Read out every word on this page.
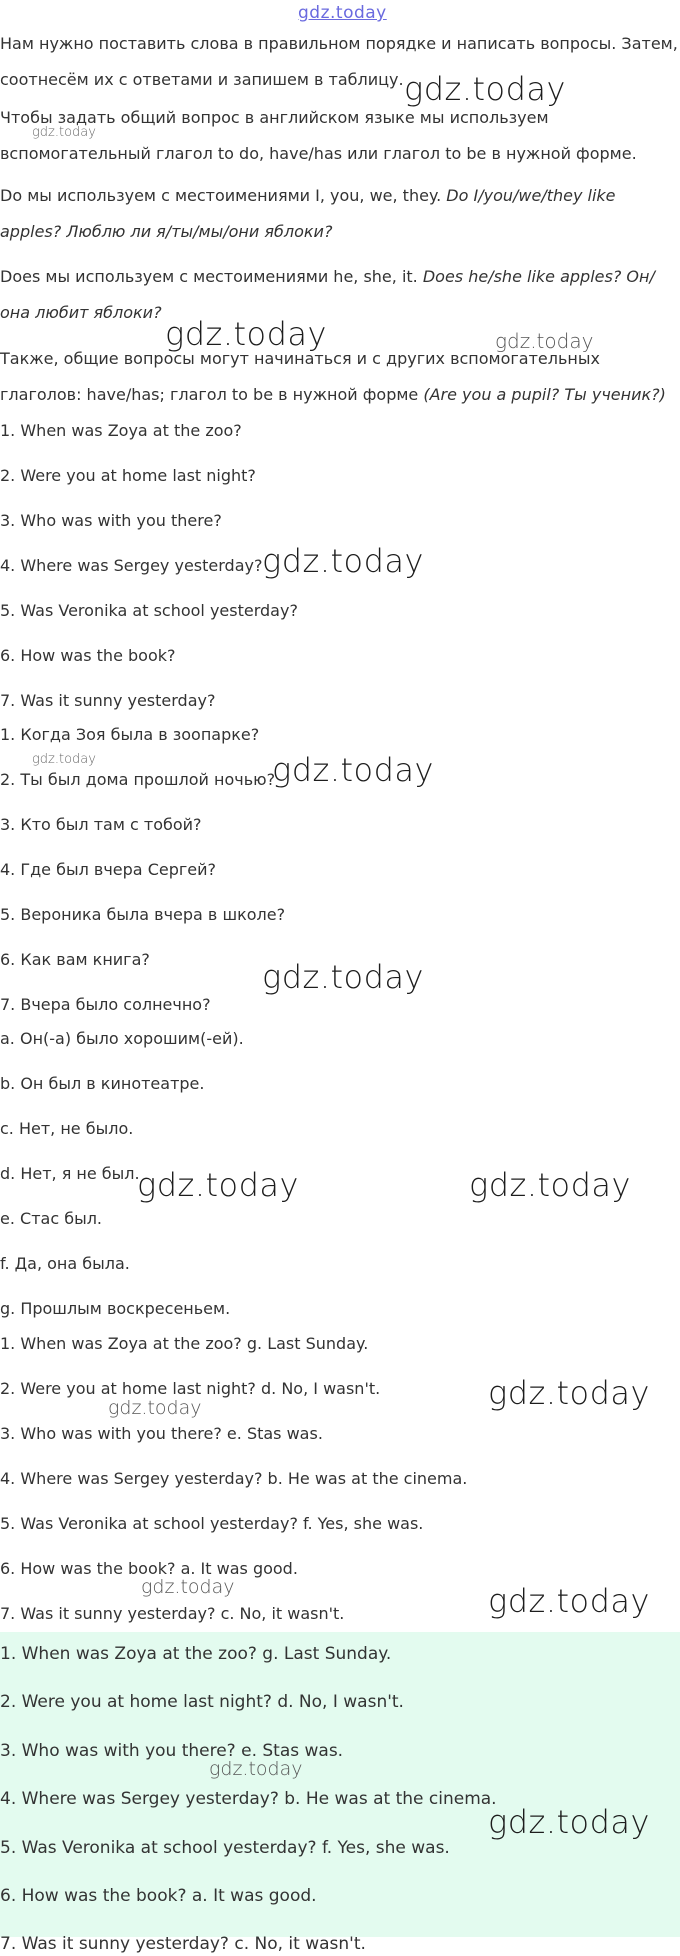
gdz.today

Нам нужно поставить слова в правильном порядке и написать вопросы. Затем, соотнесём их с ответами и запишем в таблицу.

Чтобы задать общий вопрос в английском языке мы используем вспомогательный глагол to do, have/has или глагол to be в нужной форме.

Do мы используем с местоимениями I, you, we, they. Do I/you/we/they like apples? Люблю ли я/ты/мы/они яблоки?

Does мы используем с местоимениями he, she, it. Does he/she like apples? Он/она любит яблоки?

Также, общие вопросы могут начинаться и с других вспомогательных глаголов: have/has; глагол to be в нужной форме (Are you a pupil? Ты ученик?)

1. When was Zoya at the zoo?
2. Were you at home last night?
3. Who was with you there?
4. Where was Sergey yesterday?
5. Was Veronika at school yesterday?
6. How was the book?
7. Was it sunny yesterday?
1. Когда Зоя была в зоопарке?
2. Ты был дома прошлой ночью?
3. Кто был там с тобой?
4. Где был вчера Сергей?
5. Вероника была вчера в школе?
6. Как вам книга?
7. Вчера было солнечно?
a. Он(-а) было хорошим(-ей).
b. Он был в кинотеатре.
c. Нет, не было.
d. Нет, я не был.
e. Стас был.
f. Да, она была.
g. Прошлым воскресеньем.
1. When was Zoya at the zoo? g. Last Sunday.
2. Were you at home last night? d. No, I wasn't.
3. Who was with you there? e. Stas was.
4. Where was Sergey yesterday? b. He was at the cinema.
5. Was Veronika at school yesterday? f. Yes, she was.
6. How was the book? a. It was good.
7. Was it sunny yesterday? c. No, it wasn't.
1. When was Zoya at the zoo? g. Last Sunday.
2. Were you at home last night? d. No, I wasn't.
3. Who was with you there? e. Stas was.
4. Where was Sergey yesterday? b. He was at the cinema.
5. Was Veronika at school yesterday? f. Yes, she was.
6. How was the book? a. It was good.
7. Was it sunny yesterday? c. No, it wasn't.
gdz.today
gdz.today
gdz.today	gdz.today
gdz.today
gdz.today	gdz.today
gdz.today
gdz.today	gdz.today
gdz.today
gdz.today
gdz.today	gdz.today
gdz.today
gdz.today
